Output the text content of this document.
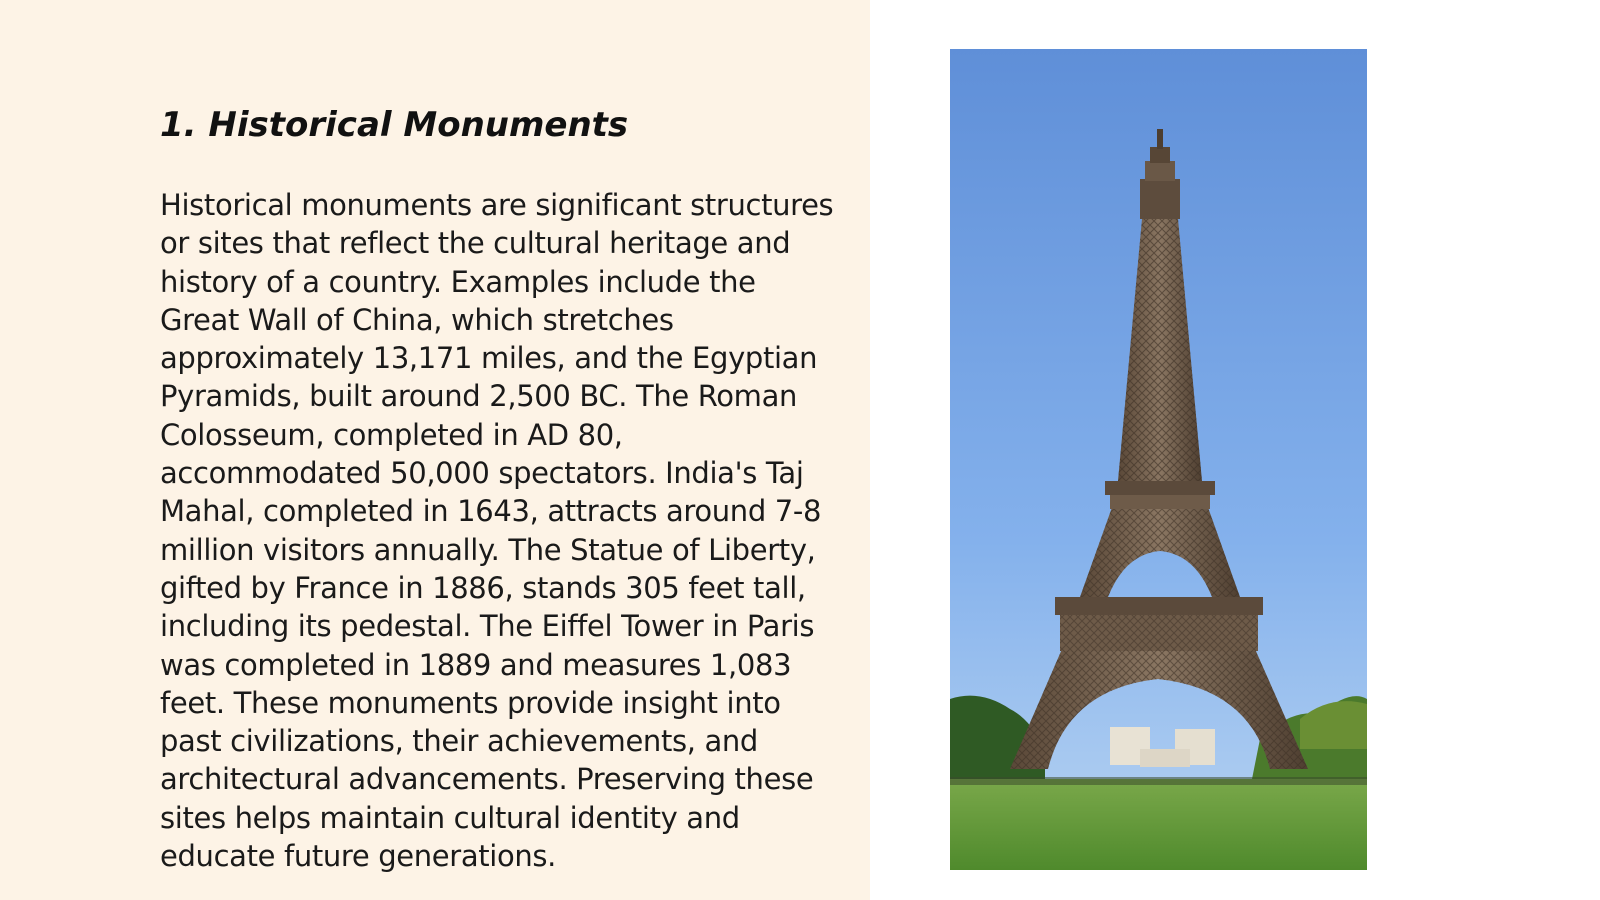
1. Historical Monuments

Historical monuments are significant structures or sites that reflect the cultural heritage and history of a country. Examples include the Great Wall of China, which stretches approximately 13,171 miles, and the Egyptian Pyramids, built around 2,500 BC. The Roman Colosseum, completed in AD 80, accommodated 50,000 spectators. India's Taj Mahal, completed in 1643, attracts around 7-8 million visitors annually. The Statue of Liberty, gifted by France in 1886, stands 305 feet tall, including its pedestal. The Eiffel Tower in Paris was completed in 1889 and measures 1,083 feet. These monuments provide insight into past civilizations, their achievements, and architectural advancements. Preserving these sites helps maintain cultural identity and educate future generations.
